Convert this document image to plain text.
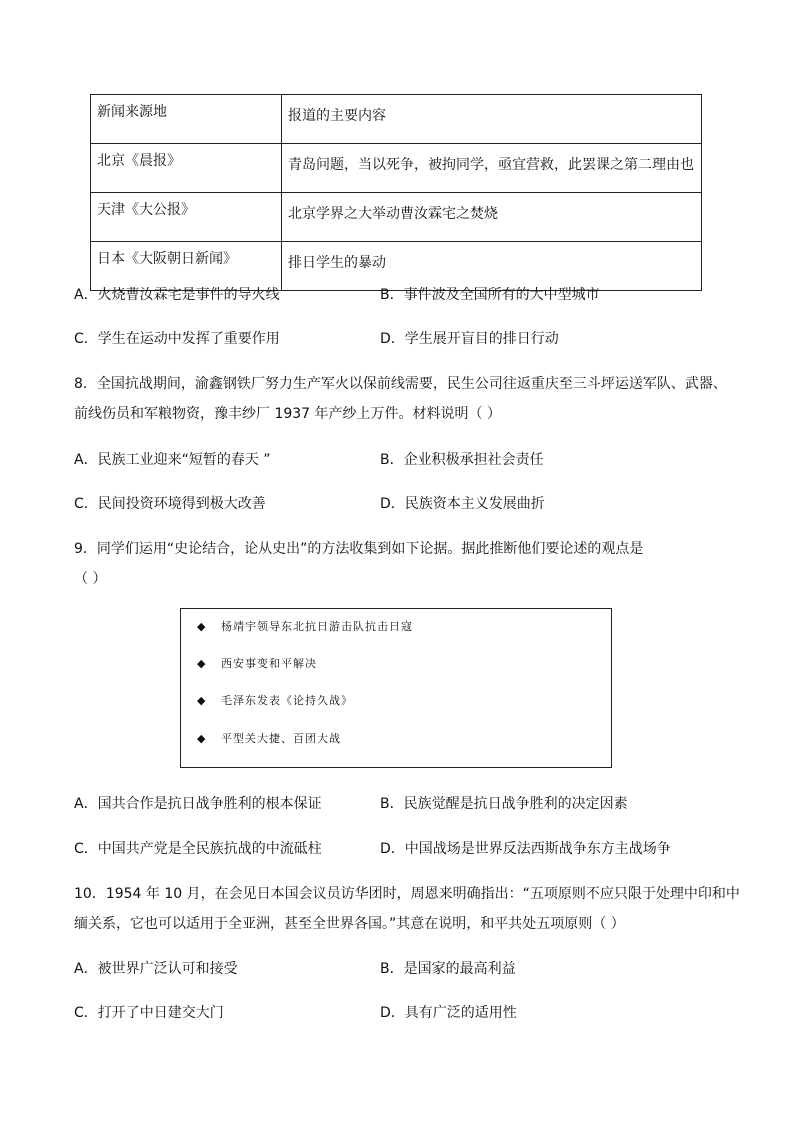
新闻来源地	报道的主要内容
北京《晨报》	青岛问题，当以死争，被拘同学，亟宜营救，此罢课之第二理由也
天津《大公报》	北京学界之大举动曹汝霖宅之焚烧
日本《大阪朝日新闻》	排日学生的暴动
A．火烧曹汝霖宅是事件的导火线	B．事件波及全国所有的大中型城市
C．学生在运动中发挥了重要作用	D．学生展开盲目的排日行动
8．全国抗战期间，渝鑫钢铁厂努力生产军火以保前线需要，民生公司往返重庆至三斗坪运送军队、武器、
前线伤员和军粮物资，豫丰纱厂 1937 年产纱上万件。材料说明（ ）
A．民族工业迎来“短暂的春天 ”	B．企业积极承担社会责任
C．民间投资环境得到极大改善	D．民族资本主义发展曲折
9．同学们运用“史论结合，论从史出”的方法收集到如下论据。据此推断他们要论述的观点是
（ ）
◆ 杨靖宇领导东北抗日游击队抗击日寇
◆ 西安事变和平解决
◆ 毛泽东发表《论持久战》
◆ 平型关大捷、百团大战
A．国共合作是抗日战争胜利的根本保证	B．民族觉醒是抗日战争胜利的决定因素
C．中国共产党是全民族抗战的中流砥柱	D．中国战场是世界反法西斯战争东方主战场争
10．1954 年 10 月，在会见日本国会议员访华团时，周恩来明确指出：“五项原则不应只限于处理中印和中
缅关系，它也可以适用于全亚洲，甚至全世界各国。”其意在说明，和平共处五项原则（ ）
A．被世界广泛认可和接受	B．是国家的最高利益
C．打开了中日建交大门	D．具有广泛的适用性
